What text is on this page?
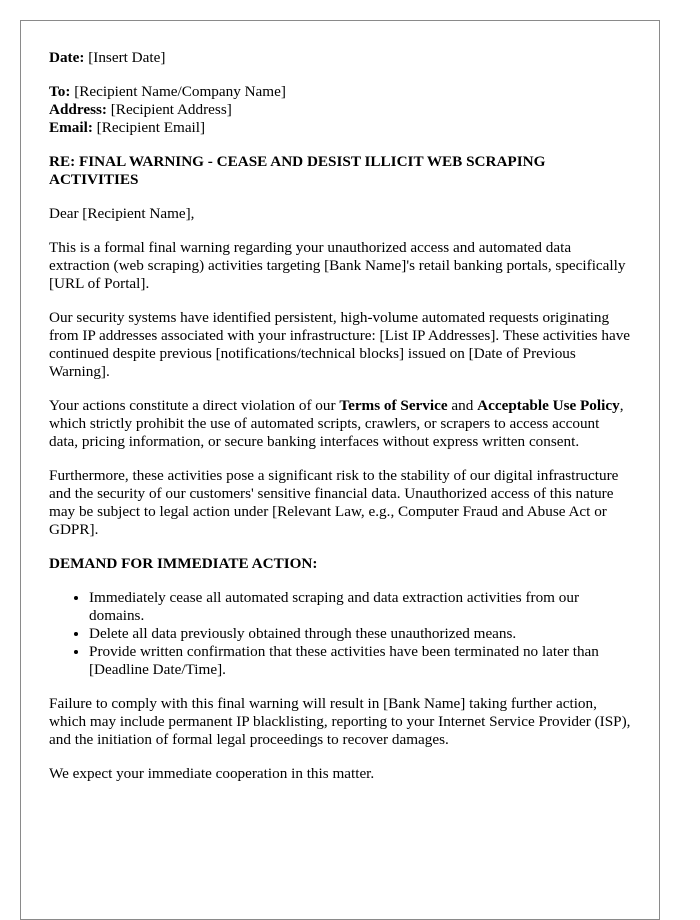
Date: [Insert Date]

To: [Recipient Name/Company Name]
Address: [Recipient Address]
Email: [Recipient Email]

RE: FINAL WARNING - CEASE AND DESIST ILLICIT WEB SCRAPING ACTIVITIES

Dear [Recipient Name],

This is a formal final warning regarding your unauthorized access and automated data extraction (web scraping) activities targeting [Bank Name]'s retail banking portals, specifically [URL of Portal].

Our security systems have identified persistent, high-volume automated requests originating from IP addresses associated with your infrastructure: [List IP Addresses]. These activities have continued despite previous [notifications/technical blocks] issued on [Date of Previous Warning].

Your actions constitute a direct violation of our Terms of Service and Acceptable Use Policy, which strictly prohibit the use of automated scripts, crawlers, or scrapers to access account data, pricing information, or secure banking interfaces without express written consent.

Furthermore, these activities pose a significant risk to the stability of our digital infrastructure and the security of our customers' sensitive financial data. Unauthorized access of this nature may be subject to legal action under [Relevant Law, e.g., Computer Fraud and Abuse Act or GDPR].

DEMAND FOR IMMEDIATE ACTION:

• Immediately cease all automated scraping and data extraction activities from our domains.
• Delete all data previously obtained through these unauthorized means.
• Provide written confirmation that these activities have been terminated no later than [Deadline Date/Time].

Failure to comply with this final warning will result in [Bank Name] taking further action, which may include permanent IP blacklisting, reporting to your Internet Service Provider (ISP), and the initiation of formal legal proceedings to recover damages.

We expect your immediate cooperation in this matter.
